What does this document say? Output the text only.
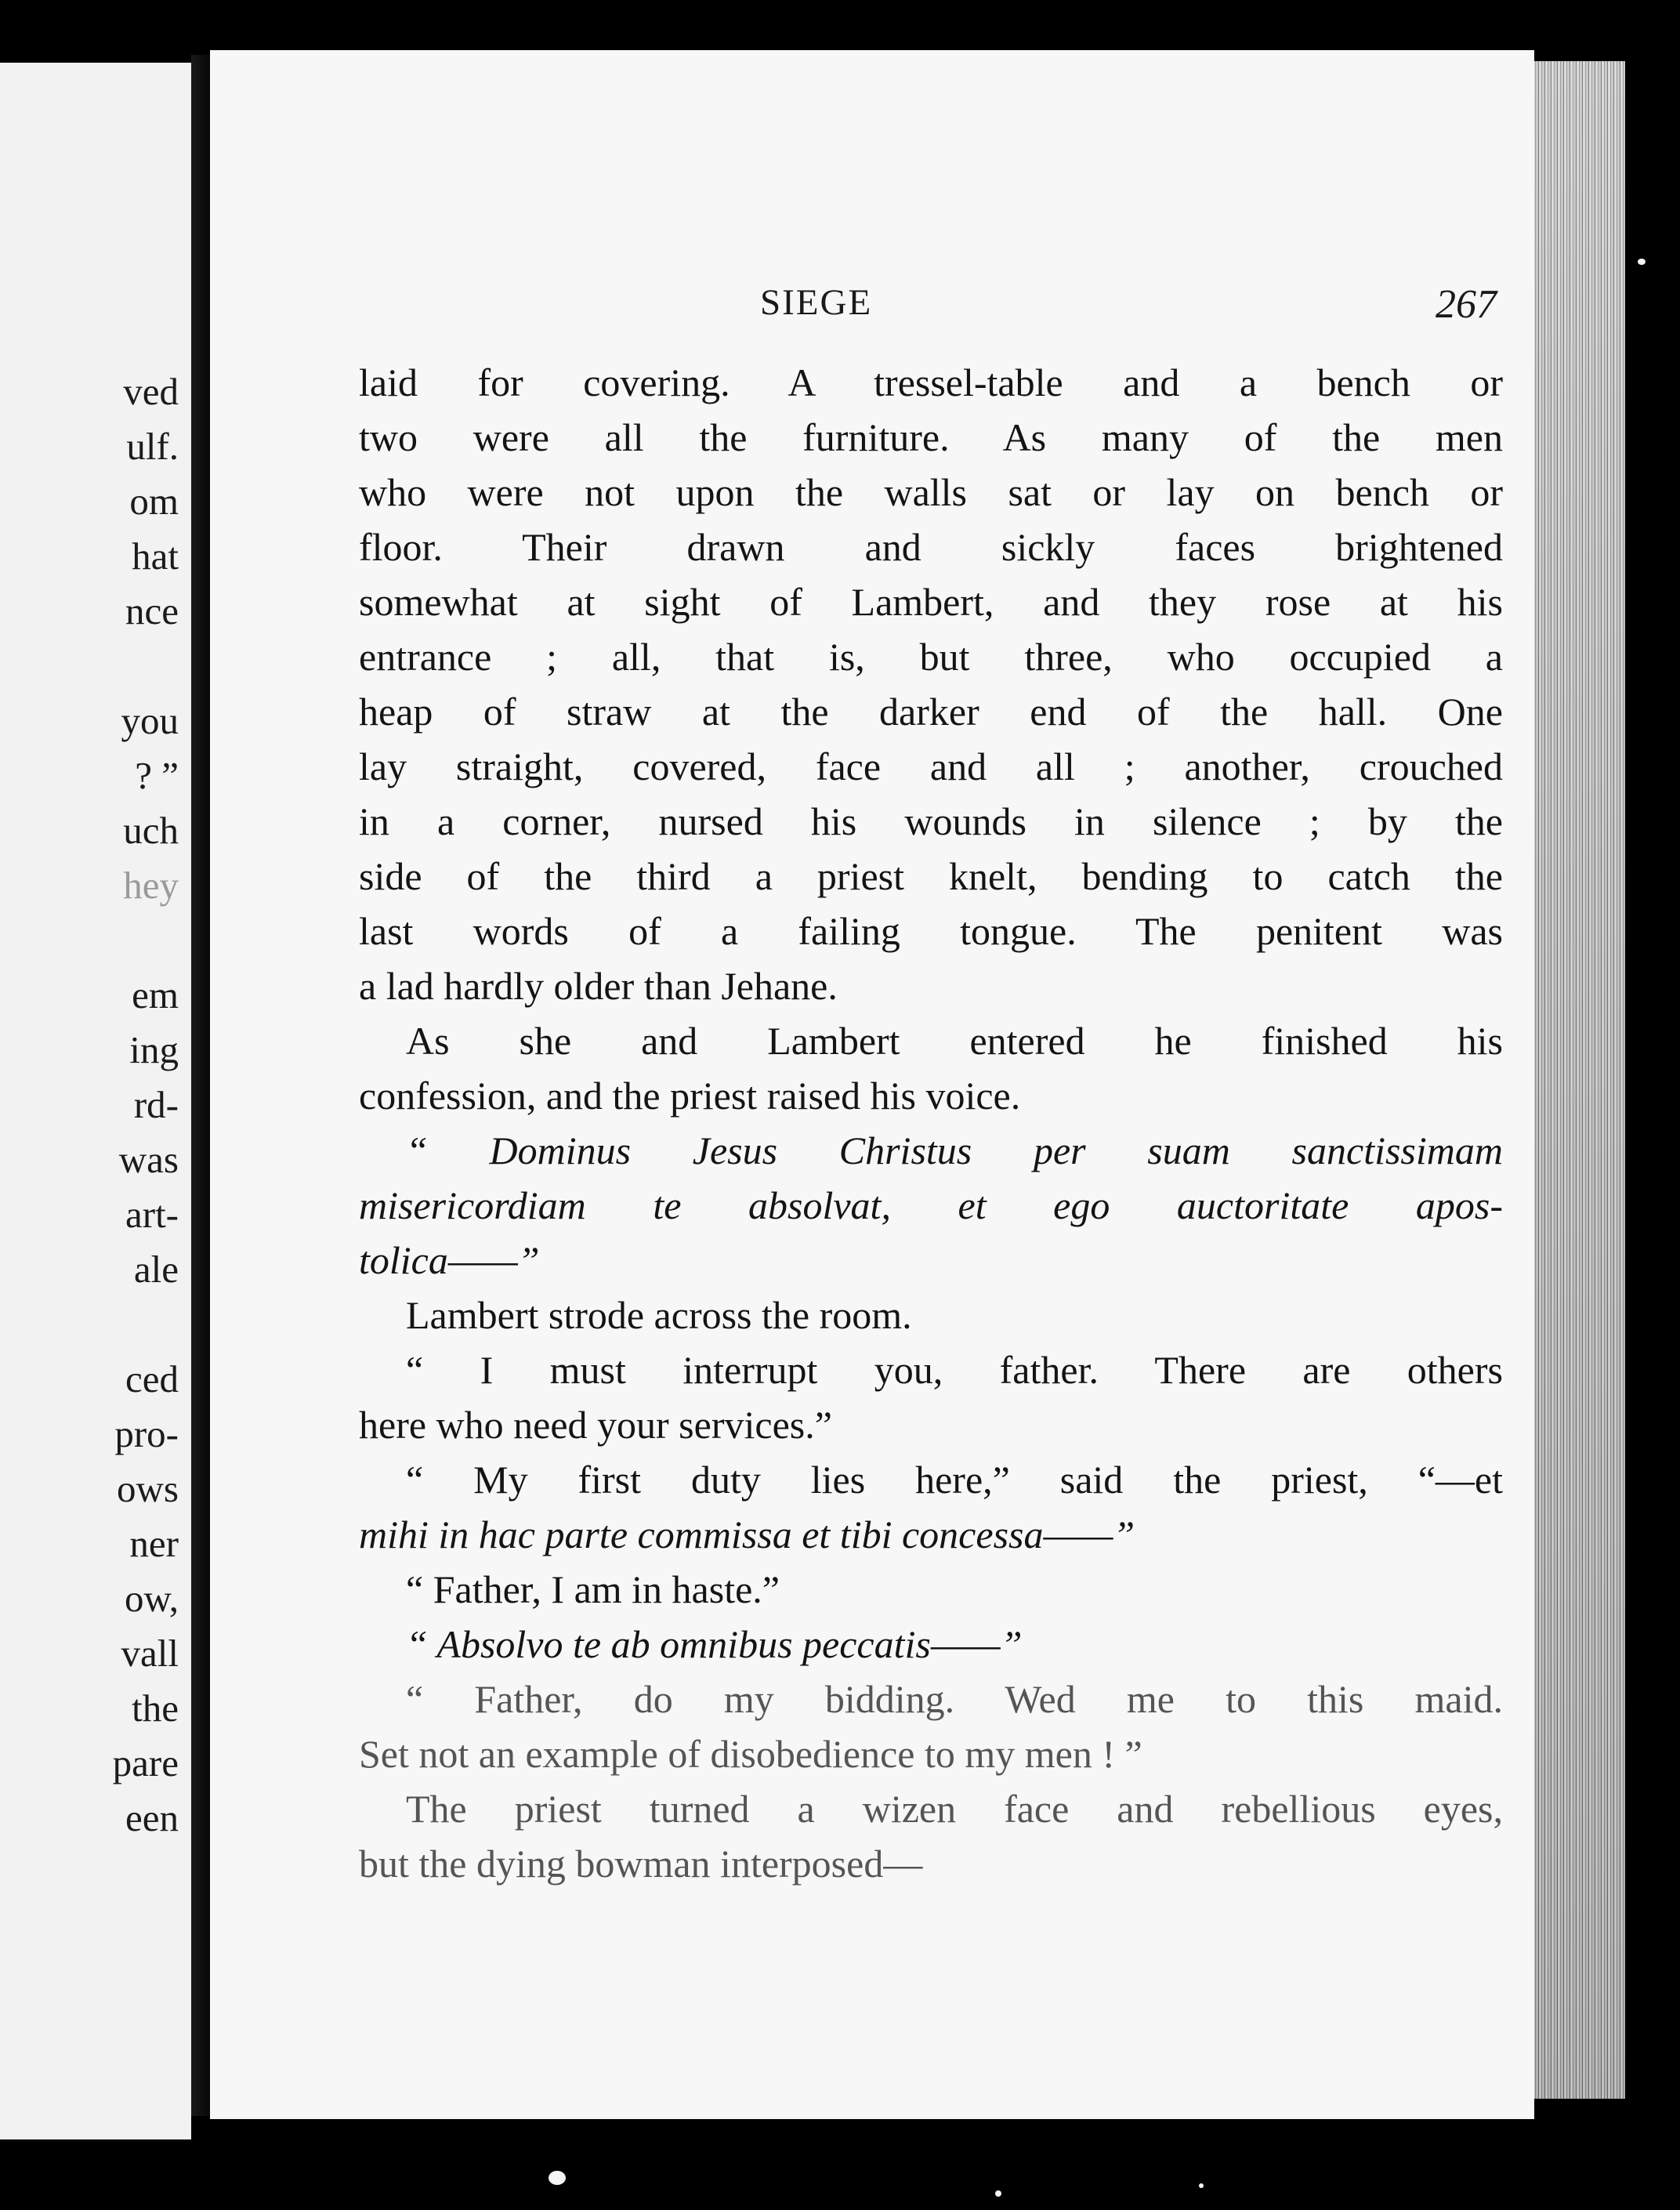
ved
ulf.
om
hat
nce
you
? ”
uch
hey
em
ing
rd-
was
art-
ale
ced
pro-
ows
ner
ow,
vall
the
pare
een
SIEGE	267
laid for covering. A tressel-table and a bench or
two were all the furniture. As many of the men
who were not upon the walls sat or lay on bench or
floor. Their drawn and sickly faces brightened
somewhat at sight of Lambert, and they rose at his
entrance ; all, that is, but three, who occupied a
heap of straw at the darker end of the hall. One
lay straight, covered, face and all ; another, crouched
in a corner, nursed his wounds in silence ; by the
side of the third a priest knelt, bending to catch the
last words of a failing tongue. The penitent was
a lad hardly older than Jehane.
As she and Lambert entered he finished his
confession, and the priest raised his voice.
“ Dominus Jesus Christus per suam sanctissimam
misericordiam te absolvat, et ego auctoritate apos-
tolica——”
Lambert strode across the room.
“ I must interrupt you, father. There are others
here who need your services.”
“ My first duty lies here,” said the priest, “—et
mihi in hac parte commissa et tibi concessa——”
“ Father, I am in haste.”
“ Absolvo te ab omnibus peccatis——”
“ Father, do my bidding. Wed me to this maid.
Set not an example of disobedience to my men ! ”
The priest turned a wizen face and rebellious eyes,
but the dying bowman interposed—
